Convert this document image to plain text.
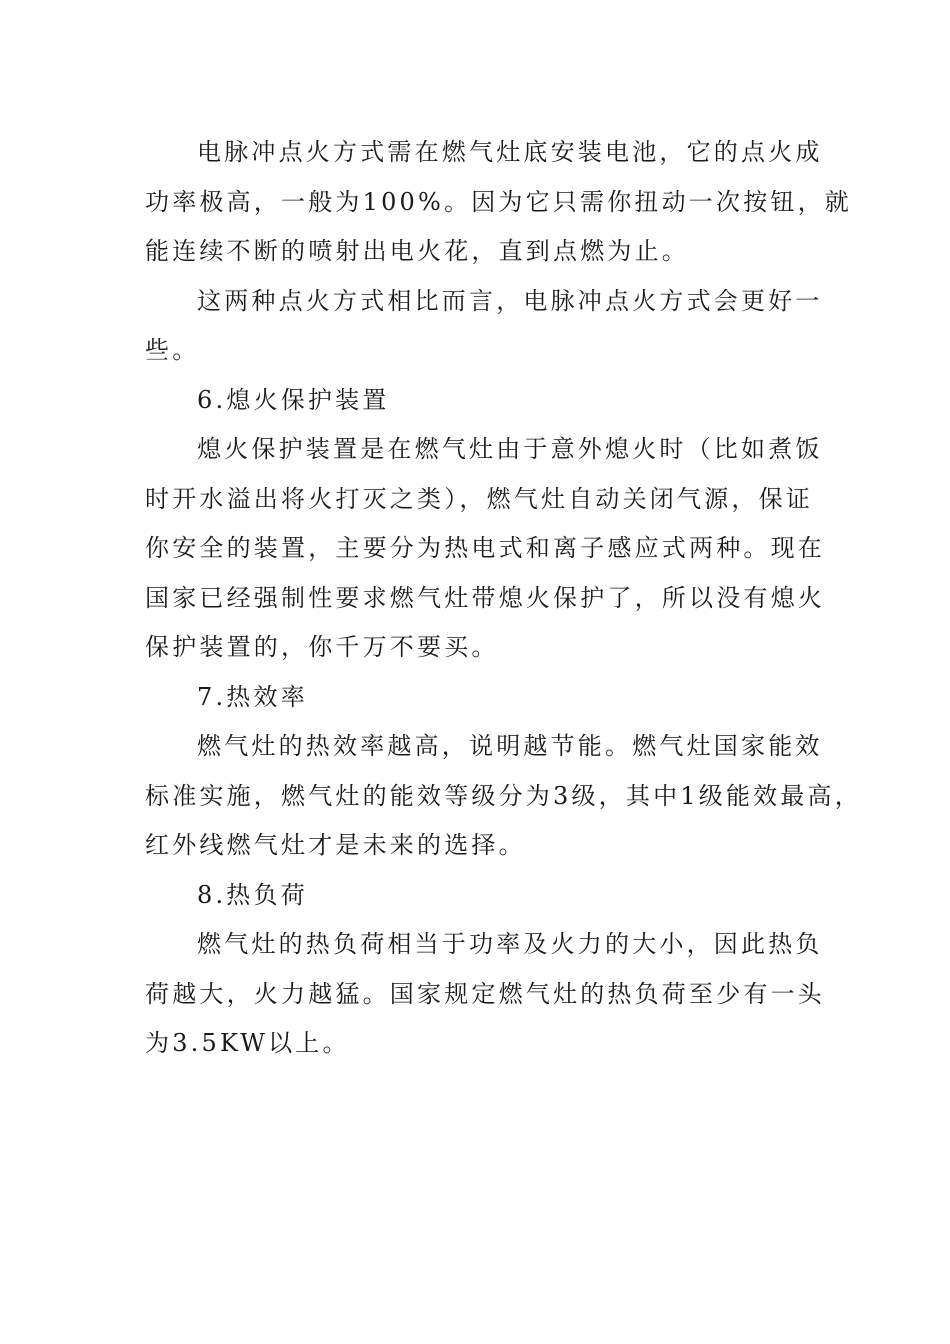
电脉冲点火方式需在燃气灶底安装电池，它的点火成
功率极高，一般为100%。因为它只需你扭动一次按钮，就
能连续不断的喷射出电火花，直到点燃为止。
这两种点火方式相比而言，电脉冲点火方式会更好一
些。
6.熄火保护装置
熄火保护装置是在燃气灶由于意外熄火时（比如煮饭
时开水溢出将火打灭之类），燃气灶自动关闭气源，保证
你安全的装置，主要分为热电式和离子感应式两种。现在
国家已经强制性要求燃气灶带熄火保护了，所以没有熄火
保护装置的，你千万不要买。
7.热效率
燃气灶的热效率越高，说明越节能。燃气灶国家能效
标准实施，燃气灶的能效等级分为3级，其中1级能效最高，
红外线燃气灶才是未来的选择。
8.热负荷
燃气灶的热负荷相当于功率及火力的大小，因此热负
荷越大，火力越猛。国家规定燃气灶的热负荷至少有一头
为3.5KW以上。
